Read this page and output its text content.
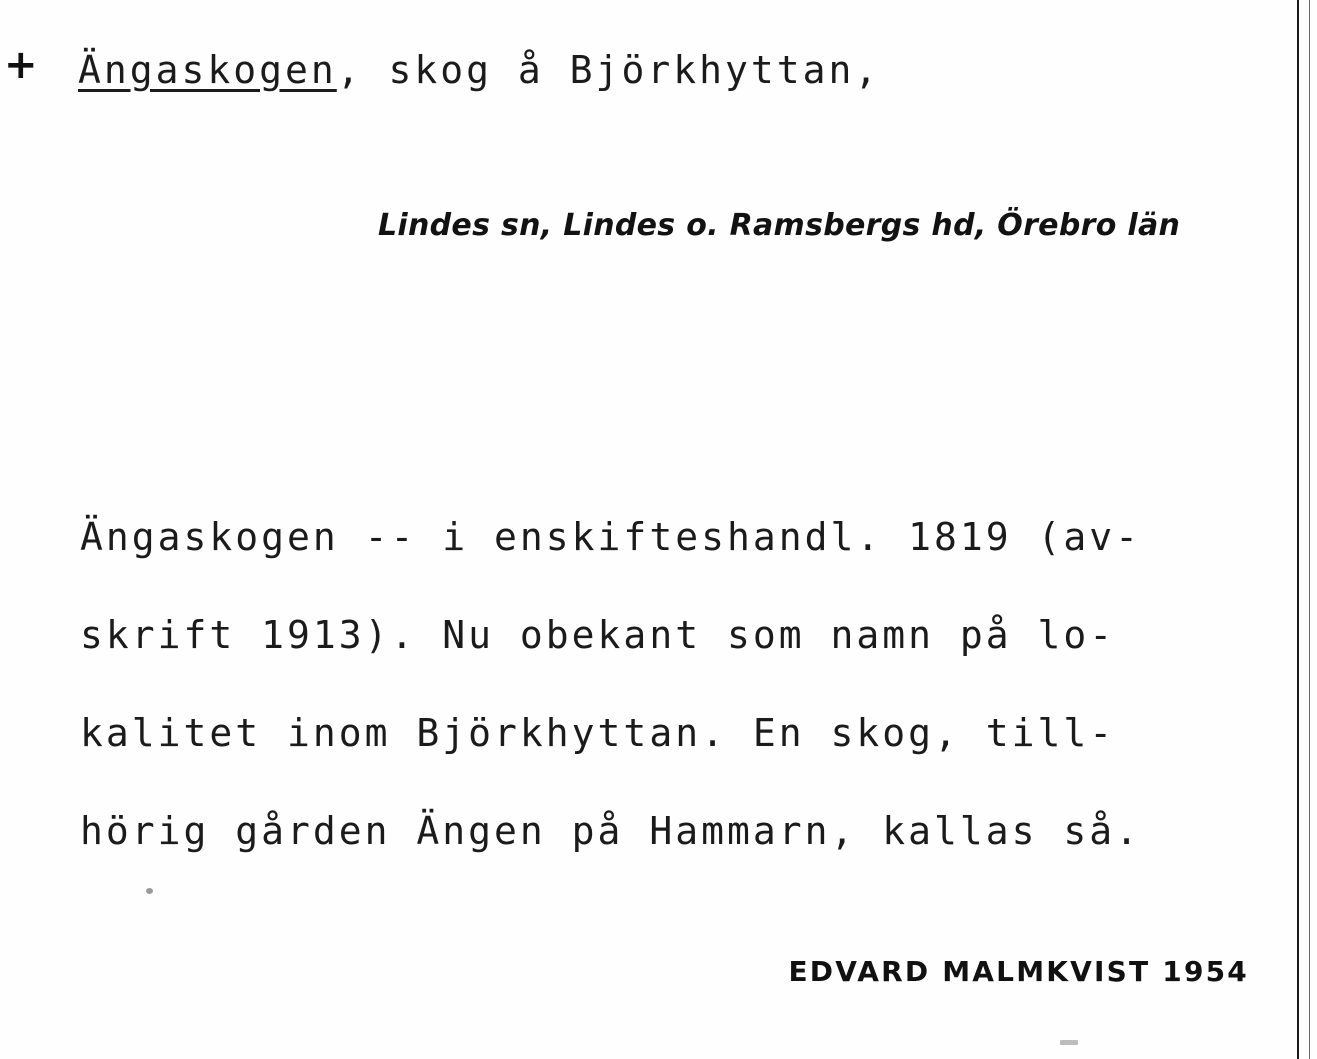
+ Ängaskogen, skog å Björkhyttan,
Lindes sn, Lindes o. Ramsbergs hd, Örebro län
Ängaskogen -- i enskifteshandl. 1819 (av-
skrift 1913). Nu obekant som namn på lo-
kalitet inom Björkhyttan. En skog, till-
hörig gården Ängen på Hammarn, kallas så.
EDVARD MALMKVIST 1954
